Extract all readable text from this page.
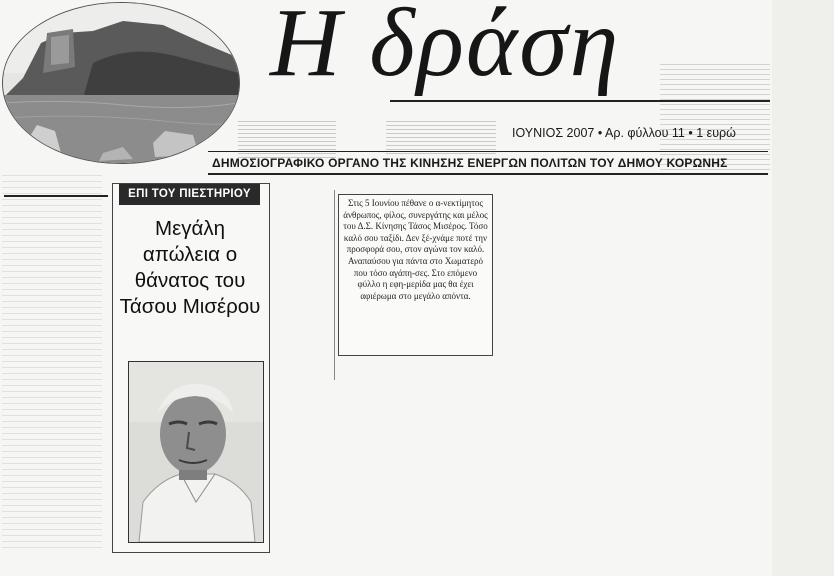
Η δράση
ΙΟΥΝΙΟΣ 2007 • Αρ. φύλλου 11 • 1 ευρώ
ΔΗΜΟΣΙΟΓΡΑΦΙΚΟ ΟΡΓΑΝΟ ΤΗΣ ΚΙΝΗΣΗΣ ΕΝΕΡΓΩΝ ΠΟΛΙΤΩΝ ΤΟΥ ΔΗΜΟΥ ΚΟΡΩΝΗΣ
ΕΠΙ ΤΟΥ ΠΙΕΣΤΗΡΙΟΥ
Μεγάλη απώλεια ο θάνατος του Τάσου Μισέρου
Στις 5 Ιουνίου πέθανε ο α-νεκτίμητος άνθρωπος, φίλος, συνεργάτης και μέλος του Δ.Σ. Κίνησης Τάσος Μισέρος. Τόσο καλό σου ταξίδι. Δεν ξέ-χνάμε ποτέ την προσφορά σου, στον αγώνα τον καλό. Αναπαύσου για πάντα στο Χωματερό που τόσο αγάπη-σες. Στο επόμενο φύλλο η εφη-μερίδα μας θα έχει αφιέρωμα στο μεγάλο απόντα.
